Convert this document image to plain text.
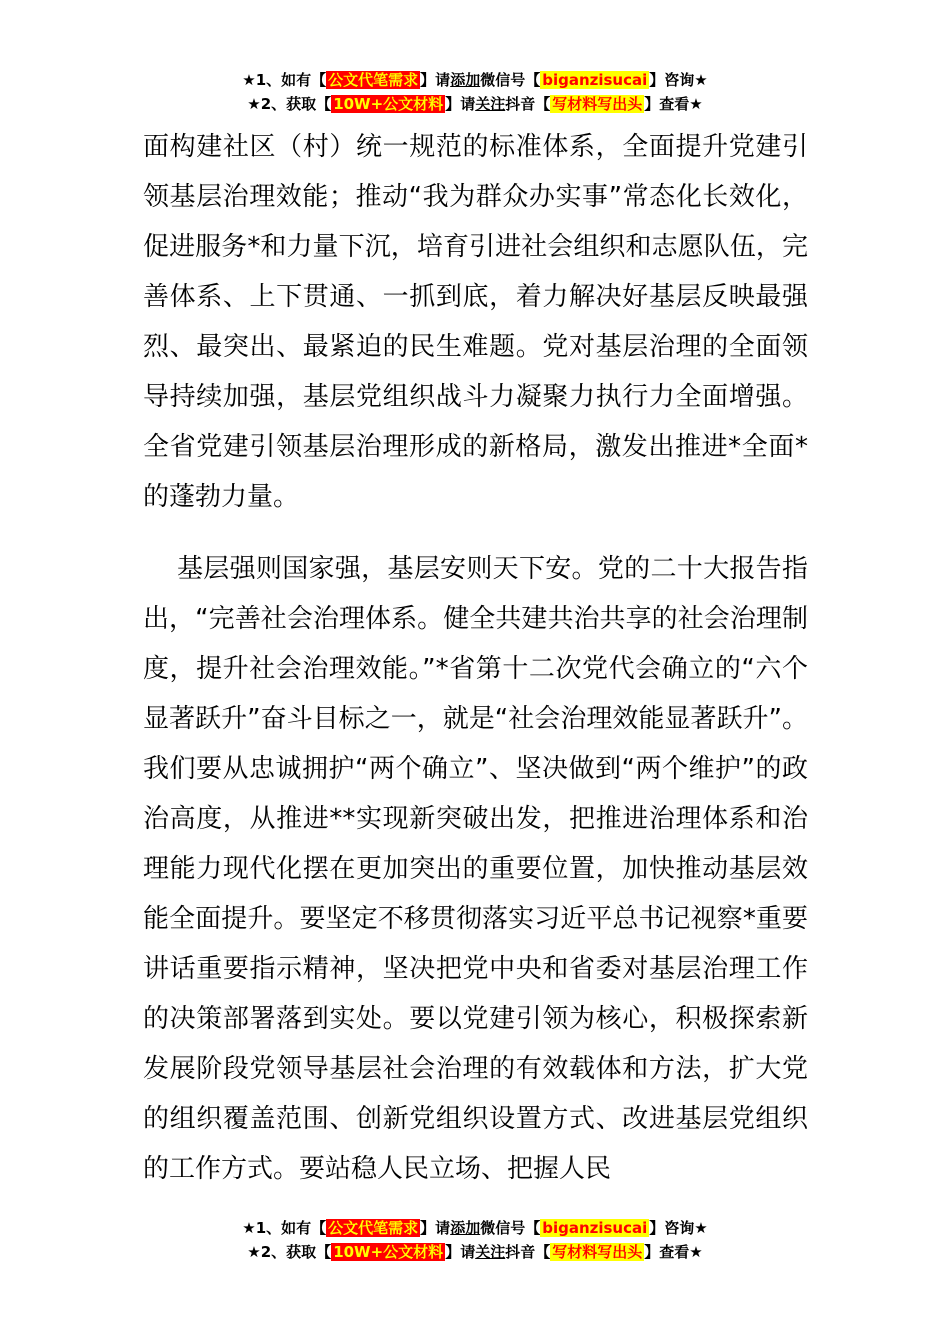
★1、如有【 公文代笔需求 】请添加微信号【 biganzisucai 】咨询★
★2、获取【 10W+公文材料 】请关注抖音【 写材料写出头 】查看★

面构建社区（村）统一规范的标准体系，全面提升党建引领基层治理效能；推动“我为群众办实事”常态化长效化，促进服务*和力量下沉，培育引进社会组织和志愿队伍，完善体系、上下贯通、一抓到底，着力解决好基层反映最强烈、最突出、最紧迫的民生难题。党对基层治理的全面领导持续加强，基层党组织战斗力凝聚力执行力全面增强。全省党建引领基层治理形成的新格局，激发出推进*全面*的蓬勃力量。

基层强则国家强，基层安则天下安。党的二十大报告指出，“完善社会治理体系。健全共建共治共享的社会治理制度，提升社会治理效能。”*省第十二次党代会确立的“六个显著跃升”奋斗目标之一，就是“社会治理效能显著跃升”。我们要从忠诚拥护“两个确立”、坚决做到“两个维护”的政治高度，从推进**实现新突破出发，把推进治理体系和治理能力现代化摆在更加突出的重要位置，加快推动基层效能全面提升。要坚定不移贯彻落实习近平总书记视察*重要讲话重要指示精神，坚决把党中央和省委对基层治理工作的决策部署落到实处。要以党建引领为核心，积极探索新发展阶段党领导基层社会治理的有效载体和方法，扩大党的组织覆盖范围、创新党组织设置方式、改进基层党组织的工作方式。要站稳人民立场、把握人民

★1、如有【 公文代笔需求 】请添加微信号【 biganzisucai 】咨询★
★2、获取【 10W+公文材料 】请关注抖音【 写材料写出头 】查看★
